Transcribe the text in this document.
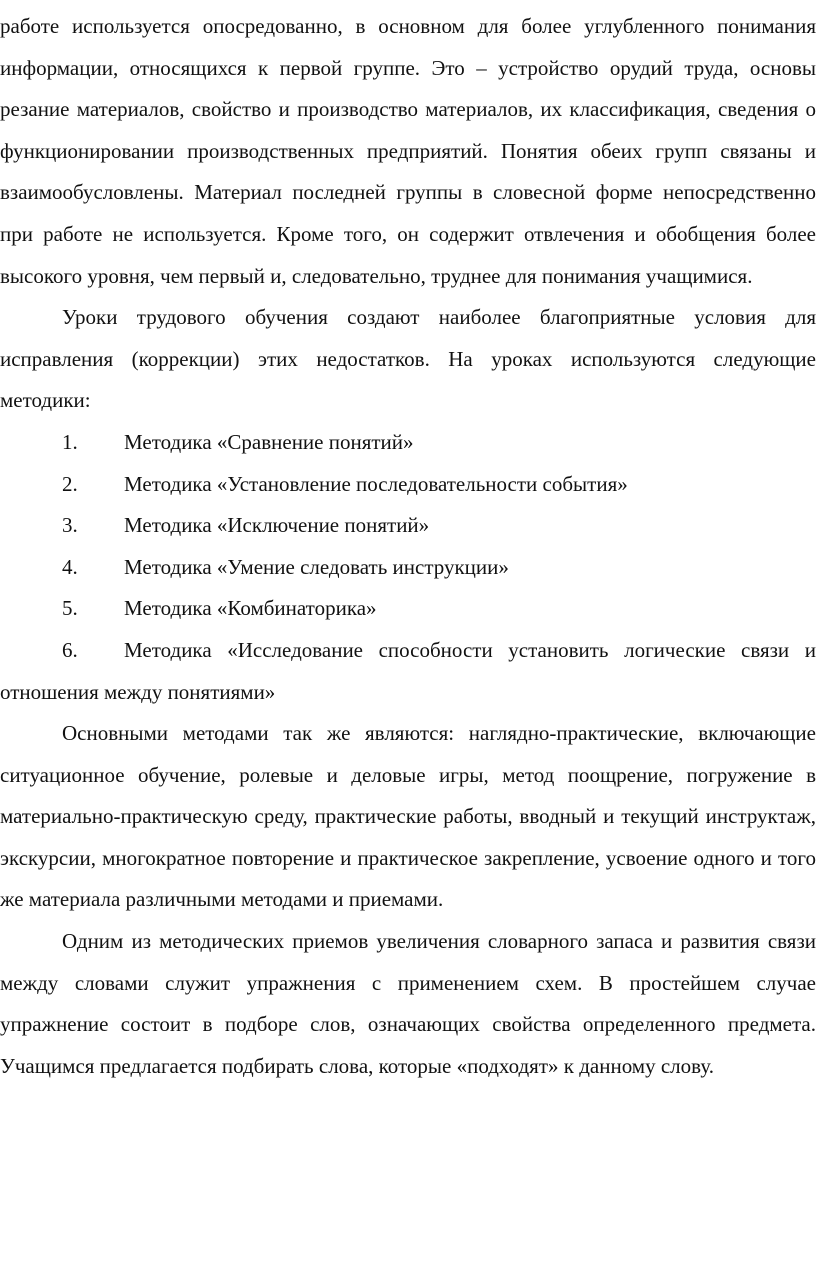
работе используется опосредованно, в основном для более углубленного понимания информации, относящихся к первой группе. Это – устройство орудий труда, основы резание материалов, свойство и производство материалов, их классификация, сведения о функционировании производственных предприятий. Понятия обеих групп связаны и взаимообусловлены. Материал последней группы в словесной форме непосредственно при работе не используется. Кроме того, он содержит отвлечения и обобщения более высокого уровня, чем первый и, следовательно, труднее для понимания учащимися.

Уроки трудового обучения создают наиболее благоприятные условия для исправления (коррекции) этих недостатков. На уроках используются следующие методики:

1. Методика «Сравнение понятий»
2. Методика «Установление последовательности события»
3. Методика «Исключение понятий»
4. Методика «Умение следовать инструкции»
5. Методика «Комбинаторика»
6. Методика «Исследование способности установить логические связи и отношения между понятиями»

Основными методами так же являются: наглядно-практические, включающие ситуационное обучение, ролевые и деловые игры, метод поощрение, погружение в материально-практическую среду, практические работы, вводный и текущий инструктаж, экскурсии, многократное повторение и практическое закрепление, усвоение одного и того же материала различными методами и приемами.

Одним из методических приемов увеличения словарного запаса и развития связи между словами служит упражнения с применением схем. В простейшем случае упражнение состоит в подборе слов, означающих свойства определенного предмета. Учащимся предлагается подбирать слова, которые «подходят» к данному слову.
